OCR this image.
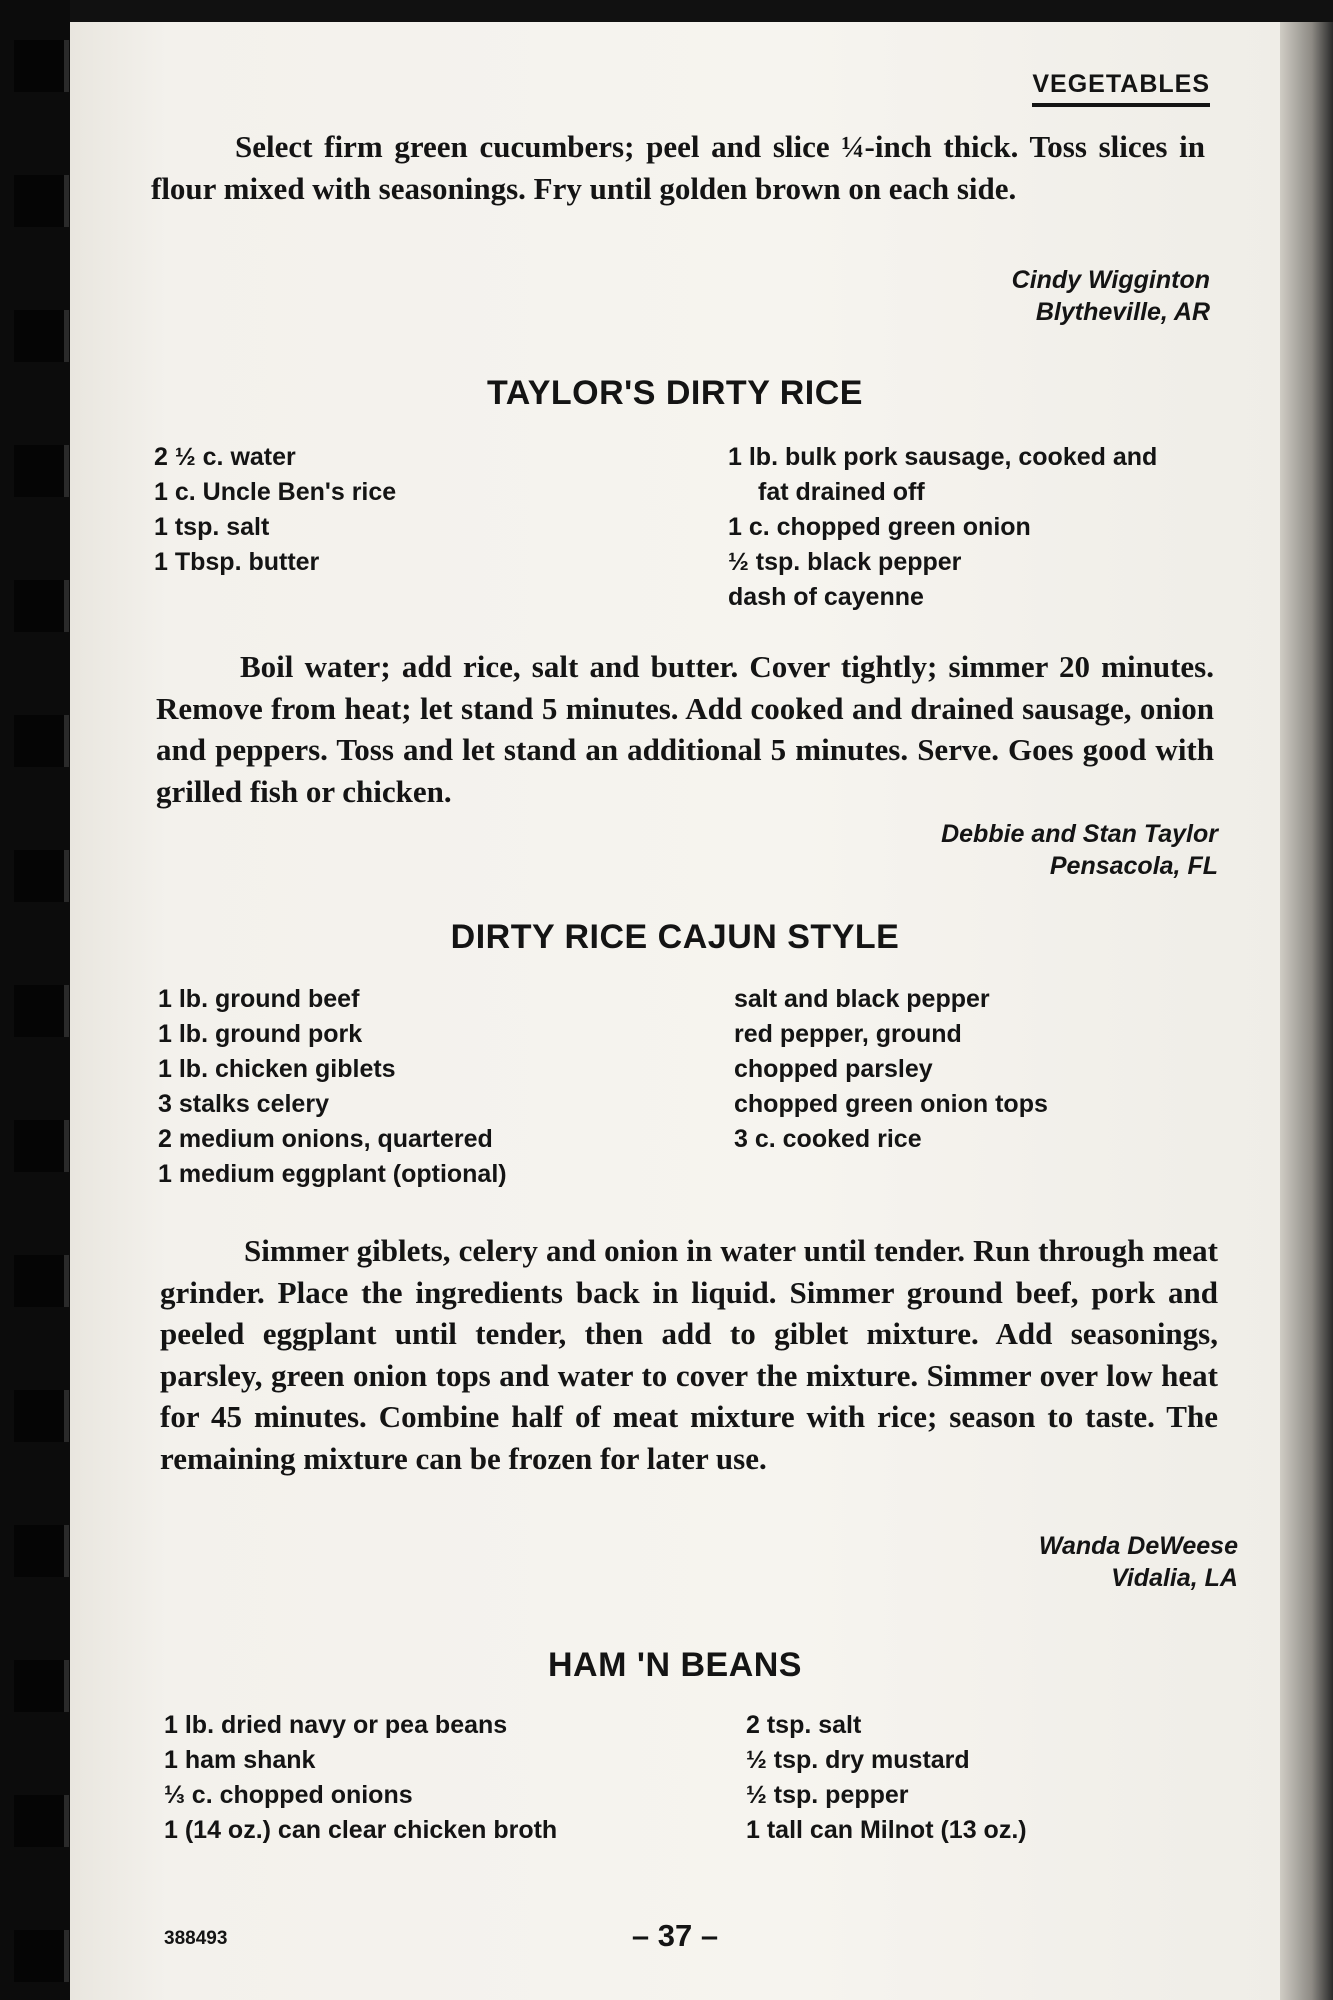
VEGETABLES
Select firm green cucumbers; peel and slice ¼-inch thick. Toss slices in flour mixed with seasonings. Fry until golden brown on each side.
Cindy Wigginton
Blytheville, AR
TAYLOR'S DIRTY RICE
2 ½ c. water
1 c. Uncle Ben's rice
1 tsp. salt
1 Tbsp. butter
1 lb. bulk pork sausage, cooked and
fat drained off
1 c. chopped green onion
½ tsp. black pepper
dash of cayenne
Boil water; add rice, salt and butter. Cover tightly; simmer 20 minutes. Remove from heat; let stand 5 minutes. Add cooked and drained sausage, onion and peppers. Toss and let stand an additional 5 minutes. Serve. Goes good with grilled fish or chicken.
Debbie and Stan Taylor
Pensacola, FL
DIRTY RICE CAJUN STYLE
1 lb. ground beef
1 lb. ground pork
1 lb. chicken giblets
3 stalks celery
2 medium onions, quartered
1 medium eggplant (optional)
salt and black pepper
red pepper, ground
chopped parsley
chopped green onion tops
3 c. cooked rice
Simmer giblets, celery and onion in water until tender. Run through meat grinder. Place the ingredients back in liquid. Simmer ground beef, pork and peeled eggplant until tender, then add to giblet mixture. Add seasonings, parsley, green onion tops and water to cover the mixture. Simmer over low heat for 45 minutes. Combine half of meat mixture with rice; season to taste. The remaining mixture can be frozen for later use.
Wanda DeWeese
Vidalia, LA
HAM 'N BEANS
1 lb. dried navy or pea beans
1 ham shank
⅓ c. chopped onions
1 (14 oz.) can clear chicken broth
2 tsp. salt
½ tsp. dry mustard
½ tsp. pepper
1 tall can Milnot (13 oz.)
388493	– 37 –
